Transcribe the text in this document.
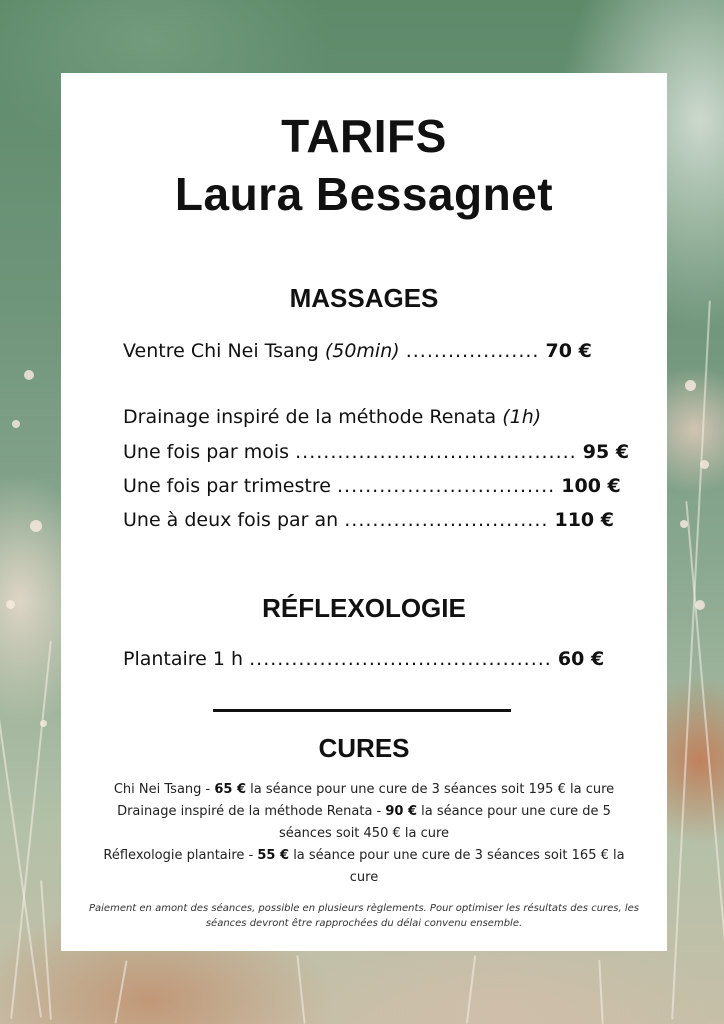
TARIFS
Laura Bessagnet
MASSAGES
Ventre Chi Nei Tsang (50min) ................... 70 €
Drainage inspiré de la méthode Renata (1h)
Une fois par mois ........................................ 95 €
Une fois par trimestre ............................... 100 €
Une à deux fois par an ............................. 110 €
RÉFLEXOLOGIE
Plantaire 1 h ........................................... 60 €
CURES
Chi Nei Tsang - 65 € la séance pour une cure de 3 séances soit 195 € la cure
Drainage inspiré de la méthode Renata - 90 € la séance pour une cure de 5
séances soit 450 € la cure
Réflexologie plantaire - 55 € la séance pour une cure de 3 séances soit 165 € la
cure
Paiement en amont des séances, possible en plusieurs règlements. Pour optimiser les résultats des cures, les
séances devront être rapprochées du délai convenu ensemble.
